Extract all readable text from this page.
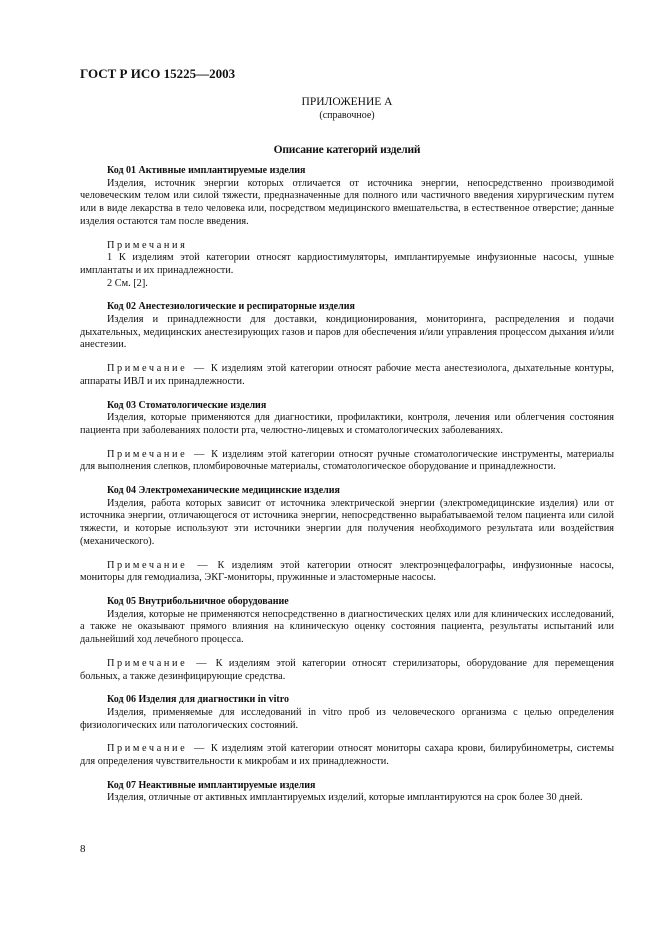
ГОСТ Р ИСО 15225—2003
ПРИЛОЖЕНИЕ А
(справочное)
Описание категорий изделий

Код 01 Активные имплантируемые изделия

Изделия, источник энергии которых отличается от источника энергии, непосредственно производимой человеческим телом или силой тяжести, предназначенные для полного или частичного введения хирургическим путем или в виде лекарства в тело человека или, посредством медицинского вмешательства, в естественное отверстие; данные изделия остаются там после введения.

Примечания

1 К изделиям этой категории относят кардиостимуляторы, имплантируемые инфузионные насосы, ушные имплантаты и их принадлежности.

2 См. [2].

Код 02 Анестезиологические и респираторные изделия

Изделия и принадлежности для доставки, кондиционирования, мониторинга, распределения и подачи дыхательных, медицинских анестезирующих газов и паров для обеспечения и/или управления процессом дыхания и/или анестезии.

Примечание — К изделиям этой категории относят рабочие места анестезиолога, дыхательные контуры, аппараты ИВЛ и их принадлежности.

Код 03 Стоматологические изделия

Изделия, которые применяются для диагностики, профилактики, контроля, лечения или облегчения состояния пациента при заболеваниях полости рта, челюстно-лицевых и стоматологических заболеваниях.

Примечание — К изделиям этой категории относят ручные стоматологические инструменты, материалы для выполнения слепков, пломбировочные материалы, стоматологическое оборудование и принадлежности.

Код 04 Электромеханические медицинские изделия

Изделия, работа которых зависит от источника электрической энергии (электромедицинские изделия) или от источника энергии, отличающегося от источника энергии, непосредственно вырабатываемой телом пациента или силой тяжести, и которые используют эти источники энергии для получения необходимого результата или воздействия (механического).

Примечание — К изделиям этой категории относят электроэнцефалографы, инфузионные насосы, мониторы для гемодиализа, ЭКГ-мониторы, пружинные и эластомерные насосы.

Код 05 Внутрибольничное оборудование

Изделия, которые не применяются непосредственно в диагностических целях или для клинических исследований, а также не оказывают прямого влияния на клиническую оценку состояния пациента, результаты испытаний или дальнейший ход лечебного процесса.

Примечание — К изделиям этой категории относят стерилизаторы, оборудование для перемещения больных, а также дезинфицирующие средства.

Код 06 Изделия для диагностики in vitro

Изделия, применяемые для исследований in vitro проб из человеческого организма с целью определения физиологических или патологических состояний.

Примечание — К изделиям этой категории относят мониторы сахара крови, билирубинометры, системы для определения чувствительности к микробам и их принадлежности.

Код 07 Неактивные имплантируемые изделия

Изделия, отличные от активных имплантируемых изделий, которые имплантируются на срок более 30 дней.

8
